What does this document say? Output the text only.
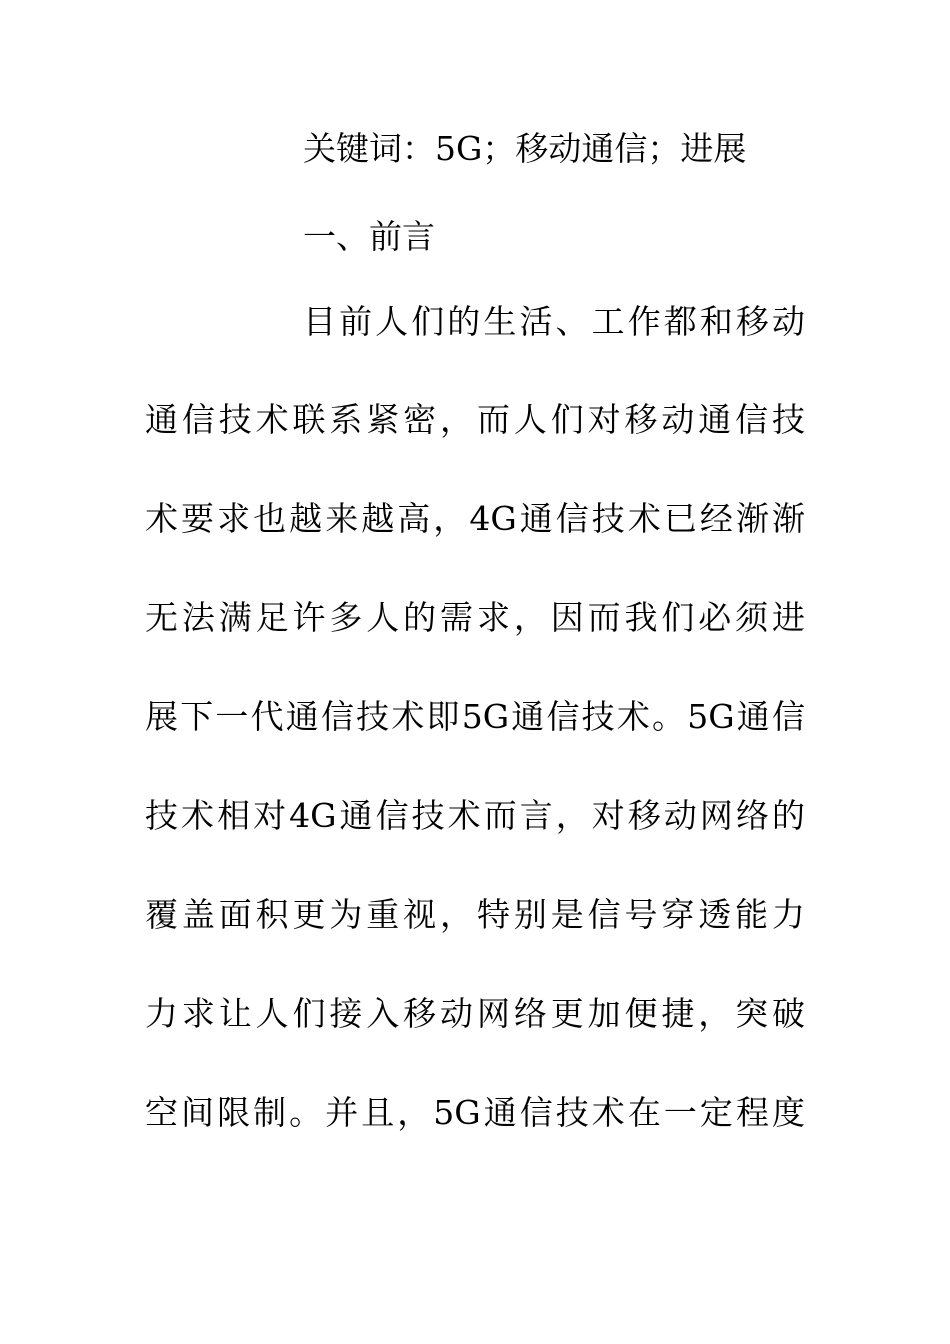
关键词：5G；移动通信；进展
一、前言
目前人们的生活、工作都和移动
通信技术联系紧密，而人们对移动通信技
术要求也越来越高，4G通信技术已经渐渐
无法满足许多人的需求，因而我们必须进
展下一代通信技术即5G通信技术。5G通信
技术相对4G通信技术而言，对移动网络的
覆盖面积更为重视，特别是信号穿透能力
力求让人们接入移动网络更加便捷，突破
空间限制。并且，5G通信技术在一定程度
